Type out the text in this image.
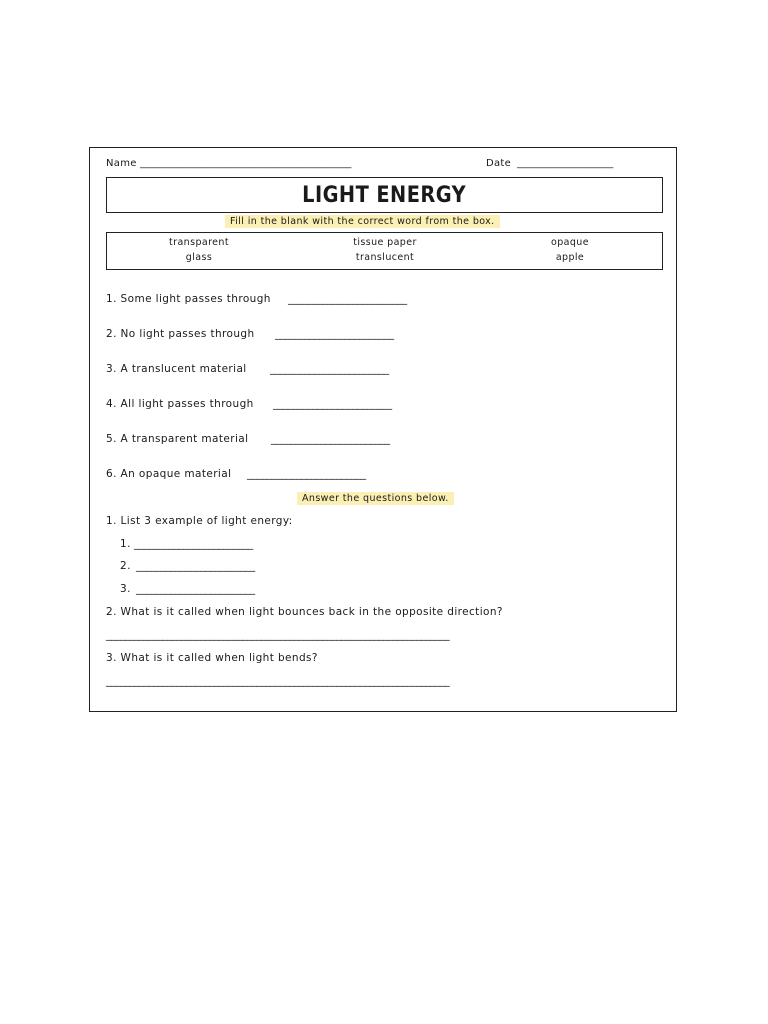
Name ____________________________________________	Date ____________________
LIGHT ENERGY
Fill in the blank with the correct word from the box.
transparent	tissue paper	opaque
glass	translucent	apple
1. Some light passes through ________________________
2. No light passes through ________________________
3. A translucent material ________________________
4. All light passes through ________________________
5. A transparent material ________________________
6. An opaque material ________________________
Answer the questions below.
1. List 3 example of light energy:
1. ________________________
2. ________________________
3. ________________________
2. What is it called when light bounces back in the opposite direction?
_________________________________________________________________________
3. What is it called when light bends?
_________________________________________________________________________
